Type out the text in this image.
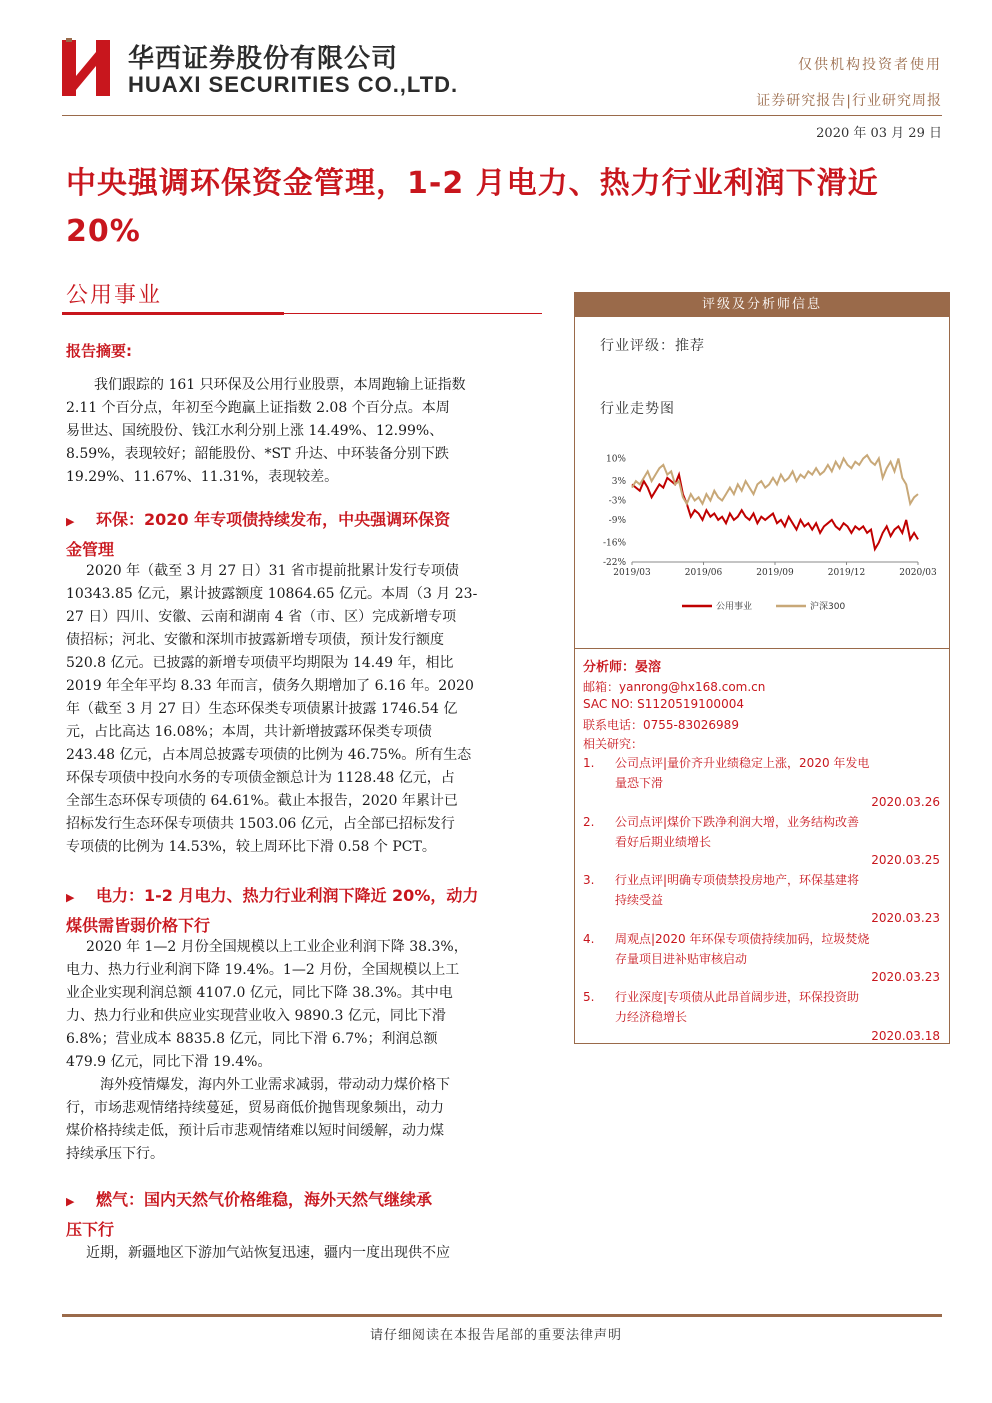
华西证券股份有限公司
HUAXI SECURITIES CO.,LTD.
仅供机构投资者使用
证券研究报告|行业研究周报
2020 年 03 月 29 日
中央强调环保资金管理，1-2 月电力、热力行业利润下滑近 20%
公用事业
报告摘要:
我们跟踪的 161 只环保及公用行业股票，本周跑输上证指数
2.11 个百分点，年初至今跑赢上证指数 2.08 个百分点。本周
易世达、国统股份、钱江水利分别上涨 14.49%、12.99%、
8.59%，表现较好；韶能股份、*ST 升达、中环装备分别下跌
19.29%、11.67%、11.31%，表现较差。
▶ 环保：2020 年专项债持续发布，中央强调环保资
金管理
2020 年（截至 3 月 27 日）31 省市提前批累计发行专项债
10343.85 亿元，累计披露额度 10864.65 亿元。本周（3 月 23-
27 日）四川、安徽、云南和湖南 4 省（市、区）完成新增专项
债招标；河北、安徽和深圳市披露新增专项债，预计发行额度
520.8 亿元。已披露的新增专项债平均期限为 14.49 年，相比
2019 年全年平均 8.33 年而言，债务久期增加了 6.16 年。2020
年（截至 3 月 27 日）生态环保类专项债累计披露 1746.54 亿
元，占比高达 16.08%；本周，共计新增披露环保类专项债
243.48 亿元，占本周总披露专项债的比例为 46.75%。所有生态
环保专项债中投向水务的专项债金额总计为 1128.48 亿元，占
全部生态环保专项债的 64.61%。截止本报告，2020 年累计已
招标发行生态环保专项债共 1503.06 亿元，占全部已招标发行
专项债的比例为 14.53%，较上周环比下滑 0.58 个 PCT。
▶ 电力：1-2 月电力、热力行业利润下降近 20%，动力
煤供需皆弱价格下行
2020 年 1—2 月份全国规模以上工业企业利润下降 38.3%，
电力、热力行业利润下降 19.4%。1—2 月份，全国规模以上工
业企业实现利润总额 4107.0 亿元，同比下降 38.3%。其中电
力、热力行业和供应业实现营业收入 9890.3 亿元，同比下滑
6.8%；营业成本 8835.8 亿元，同比下滑 6.7%；利润总额
479.9 亿元，同比下滑 19.4%。
海外疫情爆发，海内外工业需求减弱，带动动力煤价格下
行，市场悲观情绪持续蔓延，贸易商低价抛售现象频出，动力
煤价格持续走低，预计后市悲观情绪难以短时间缓解，动力煤
持续承压下行。
▶ 燃气：国内天然气价格维稳，海外天然气继续承
压下行
近期，新疆地区下游加气站恢复迅速，疆内一度出现供不应
评级及分析师信息
行业评级：推荐
行业走势图
10%
3%
-3%
-9%
-16%
-22%
2019/03	2019/06	2019/09	2019/12	2020/03
公用事业	沪深300
分析师：晏溶
邮箱：yanrong@hx168.com.cn
SAC NO: S1120519100004
联系电话：0755-83026989
相关研究：
1. 公司点评|量价齐升业绩稳定上涨，2020 年发电
量恐下滑
2020.03.26
2. 公司点评|煤价下跌净利润大增，业务结构改善
看好后期业绩增长
2020.03.25
3. 行业点评|明确专项债禁投房地产，环保基建将
持续受益
2020.03.23
4. 周观点|2020 年环保专项债持续加码，垃圾焚烧
存量项目进补贴审核启动
2020.03.23
5. 行业深度|专项债从此昂首阔步进，环保投资助
力经济稳增长
2020.03.18
请仔细阅读在本报告尾部的重要法律声明
